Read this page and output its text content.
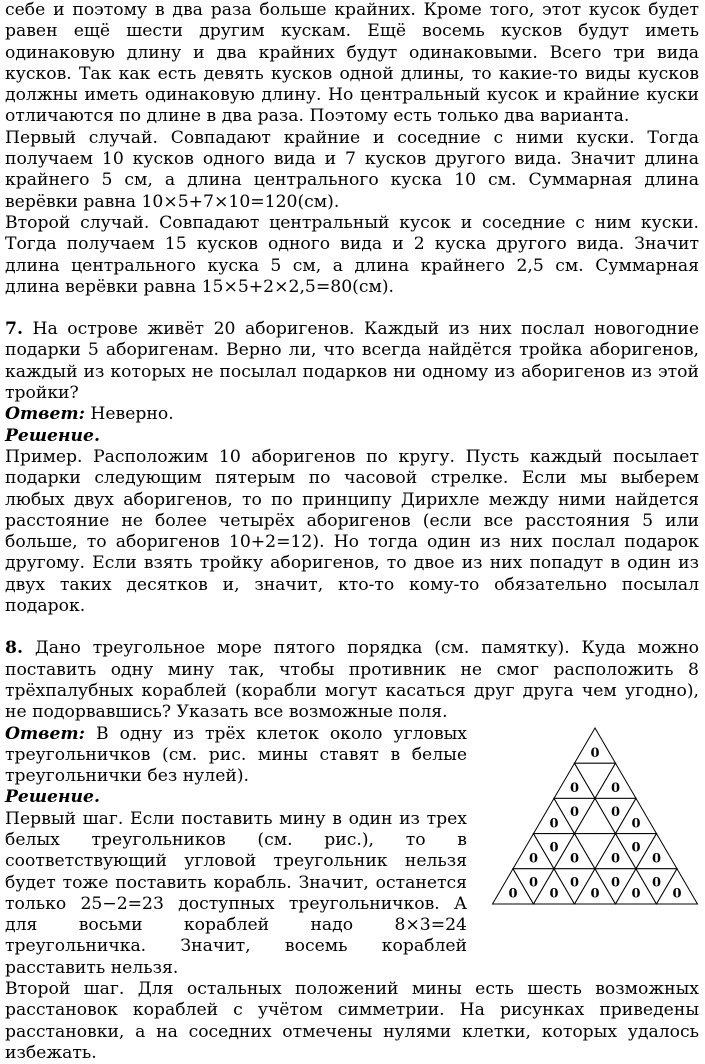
себе и поэтому в два раза больше крайних. Кроме того, этот кусок будет равен ещё шести другим кускам. Ещё восемь кусков будут иметь одинаковую длину и два крайних будут одинаковыми. Всего три вида кусков. Так как есть девять кусков одной длины, то какие-то виды кусков должны иметь одинаковую длину. Но центральный кусок и крайние куски отличаются по длине в два раза. Поэтому есть только два варианта.

Первый случай. Совпадают крайние и соседние с ними куски. Тогда получаем 10 кусков одного вида и 7 кусков другого вида. Значит длина крайнего 5 см, а длина центрального куска 10 см. Суммарная длина верёвки равна 10×5+7×10=120(см).

Второй случай. Совпадают центральный кусок и соседние с ним куски. Тогда получаем 15 кусков одного вида и 2 куска другого вида. Значит длина центрального куска 5 см, а длина крайнего 2,5 см. Суммарная длина верёвки равна 15×5+2×2,5=80(см).

7. На острове живёт 20 аборигенов. Каждый из них послал новогодние подарки 5 аборигенам. Верно ли, что всегда найдётся тройка аборигенов, каждый из которых не посылал подарков ни одному из аборигенов из этой тройки?

Ответ: Неверно.

Решение.

Пример. Расположим 10 аборигенов по кругу. Пусть каждый посылает подарки следующим пятерым по часовой стрелке. Если мы выберем любых двух аборигенов, то по принципу Дирихле между ними найдется расстояние не более четырёх аборигенов (если все расстояния 5 или больше, то аборигенов 10+2=12). Но тогда один из них послал подарок другому. Если взять тройку аборигенов, то двое из них попадут в один из двух таких десятков и, значит, кто-то кому-то обязательно посылал подарок.

8. Дано треугольное море пятого порядка (см. памятку). Куда можно поставить одну мину так, чтобы противник не смог расположить 8 трёхпалубных кораблей (корабли могут касаться друг друга чем угодно), не подорвавшись? Указать все возможные поля.

Ответ: В одну из трёх клеток около угловых треугольничков (см. рис. мины ставят в белые треугольнички без нулей).

Решение.

Первый шаг. Если поставить мину в один из трех белых треугольников (см. рис.), то в соответствующий угловой треугольник нельзя будет тоже поставить корабль. Значит, останется только 25−2=23 доступных треугольничков. А для восьми кораблей надо 8×3=24 треугольничка. Значит, восемь кораблей расставить нельзя.

0
0 0
0
0 0
0
0
0
0 0
0
0
0
0
0
0
0
0
0
0
0

Второй шаг. Для остальных положений мины есть шесть возможных расстановок кораблей с учётом симметрии. На рисунках приведены расстановки, а на соседних отмечены нулями клетки, которых удалось избежать.
